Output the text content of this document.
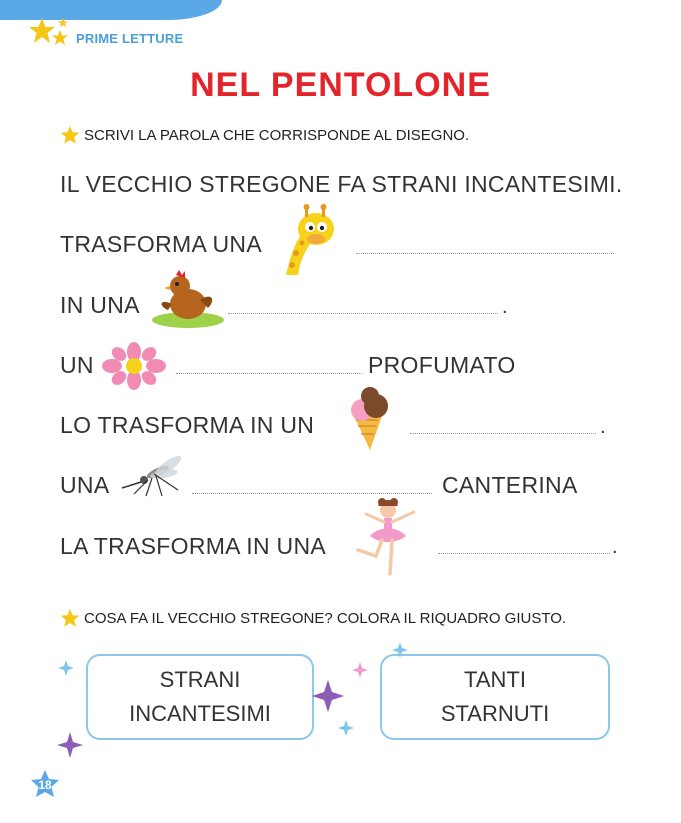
PRIME LETTURE
NEL PENTOLONE
SCRIVI LA PAROLA CHE CORRISPONDE AL DISEGNO.
IL VECCHIO STREGONE FA STRANI INCANTESIMI.
TRASFORMA UNA
IN UNA	.
UN	PROFUMATO
LO TRASFORMA IN UN	.
UNA	CANTERINA
LA TRASFORMA IN UNA	.
COSA FA IL VECCHIO STREGONE? COLORA IL RIQUADRO GIUSTO.
STRANI
INCANTESIMI
TANTI
STARNUTI
18
